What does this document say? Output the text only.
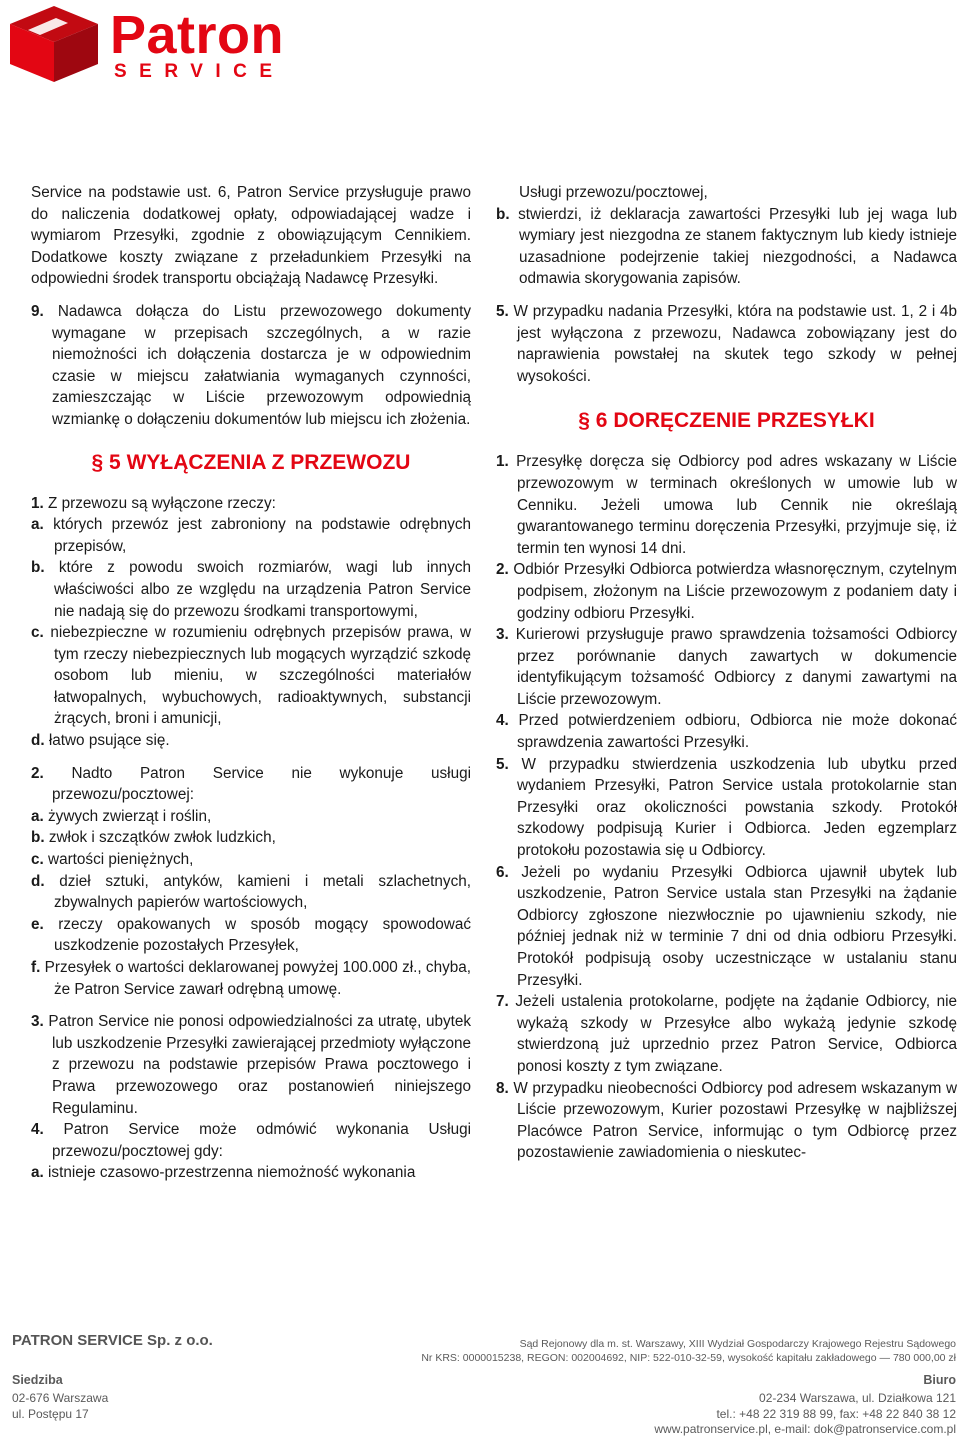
Patron
SERVICE

Service na podstawie ust. 6, Patron Service przysługuje prawo do naliczenia dodatkowej opłaty, odpowiadającej wadze i wymiarom Przesyłki, zgodnie z obowiązującym Cennikiem. Dodatkowe koszty związane z przeładunkiem Przesyłki na odpowiedni środek transportu obciążają Nadawcę Przesyłki.

9. Nadawca dołącza do Listu przewozowego dokumenty wymagane w przepisach szczególnych, a w razie niemożności ich dołączenia dostarcza je w odpowiednim czasie w miejscu załatwiania wymaganych czynności, zamieszczając w Liście przewozowym odpowiednią wzmiankę o dołączeniu dokumentów lub miejscu ich złożenia.

§ 5 WYŁĄCZENIA Z PRZEWOZU

1. Z przewozu są wyłączone rzeczy:

a. których przewóz jest zabroniony na podstawie odrębnych przepisów,

b. które z powodu swoich rozmiarów, wagi lub innych właściwości albo ze względu na urządzenia Patron Service nie nadają się do przewozu środkami transportowymi,

c. niebezpieczne w rozumieniu odrębnych przepisów prawa, w tym rzeczy niebezpiecznych lub mogących wyrządzić szkodę osobom lub mieniu, w szczególności materiałów łatwopalnych, wybuchowych, radioaktywnych, substancji żrących, broni i amunicji,

d. łatwo psujące się.

2. Nadto Patron Service nie wykonuje usługi przewozu/pocztowej:

a. żywych zwierząt i roślin,

b. zwłok i szczątków zwłok ludzkich,

c. wartości pieniężnych,

d. dzieł sztuki, antyków, kamieni i metali szlachetnych, zbywalnych papierów wartościowych,

e. rzeczy opakowanych w sposób mogący spowodować uszkodzenie pozostałych Przesyłek,

f. Przesyłek o wartości deklarowanej powyżej 100.000 zł., chyba, że Patron Service zawarł odrębną umowę.

3. Patron Service nie ponosi odpowiedzialności za utratę, ubytek lub uszkodzenie Przesyłki zawierającej przedmioty wyłączone z przewozu na podstawie przepisów Prawa pocztowego i Prawa przewozowego oraz postanowień niniejszego Regulaminu.

4. Patron Service może odmówić wykonania Usługi przewozu/pocztowej gdy:

a. istnieje czasowo-przestrzenna niemożność wykonania

Usługi przewozu/pocztowej,

b. stwierdzi, iż deklaracja zawartości Przesyłki lub jej waga lub wymiary jest niezgodna ze stanem faktycznym lub kiedy istnieje uzasadnione podejrzenie takiej niezgodności, a Nadawca odmawia skorygowania zapisów.

5. W przypadku nadania Przesyłki, która na podstawie ust. 1, 2 i 4b jest wyłączona z przewozu, Nadawca zobowiązany jest do naprawienia powstałej na skutek tego szkody w pełnej wysokości.

§ 6 DORĘCZENIE PRZESYŁKI

1. Przesyłkę doręcza się Odbiorcy pod adres wskazany w Liście przewozowym w terminach określonych w umowie lub w Cenniku. Jeżeli umowa lub Cennik nie określają gwarantowanego terminu doręczenia Przesyłki, przyjmuje się, iż termin ten wynosi 14 dni.

2. Odbiór Przesyłki Odbiorca potwierdza własnoręcznym, czytelnym podpisem, złożonym na Liście przewozowym z podaniem daty i godziny odbioru Przesyłki.

3. Kurierowi przysługuje prawo sprawdzenia tożsamości Odbiorcy przez porównanie danych zawartych w dokumencie identyfikującym tożsamość Odbiorcy z danymi zawartymi na Liście przewozowym.

4. Przed potwierdzeniem odbioru, Odbiorca nie może dokonać sprawdzenia zawartości Przesyłki.

5. W przypadku stwierdzenia uszkodzenia lub ubytku przed wydaniem Przesyłki, Patron Service ustala protokolarnie stan Przesyłki oraz okoliczności powstania szkody. Protokół szkodowy podpisują Kurier i Odbiorca. Jeden egzemplarz protokołu pozostawia się u Odbiorcy.

6. Jeżeli po wydaniu Przesyłki Odbiorca ujawnił ubytek lub uszkodzenie, Patron Service ustala stan Przesyłki na żądanie Odbiorcy zgłoszone niezwłocznie po ujawnieniu szkody, nie później jednak niż w terminie 7 dni od dnia odbioru Przesyłki. Protokół podpisują osoby uczestniczące w ustalaniu stanu Przesyłki.

7. Jeżeli ustalenia protokolarne, podjęte na żądanie Odbiorcy, nie wykażą szkody w Przesyłce albo wykażą jedynie szkodę stwierdzoną już uprzednio przez Patron Service, Odbiorca ponosi koszty z tym związane.

8. W przypadku nieobecności Odbiorcy pod adresem wskazanym w Liście przewozowym, Kurier pozostawi Przesyłkę w najbliższej Placówce Patron Service, informując o tym Odbiorcę przez pozostawienie zawiadomienia o nieskutec-

PATRON SERVICE Sp. z o.o.	Sąd Rejonowy dla m. st. Warszawy, XIII Wydział Gospodarczy Krajowego Rejestru Sądowego
Nr KRS: 0000015238, REGON: 002004692, NIP: 522-010-32-59, wysokość kapitału zakładowego — 780 000,00 zł
Siedziba
02-676 Warszawa
ul. Postępu 17
Biuro
02-234 Warszawa, ul. Działkowa 121
tel.: +48 22 319 88 99, fax: +48 22 840 38 12
www.patronservice.pl, e-mail: dok@patronservice.com.pl
